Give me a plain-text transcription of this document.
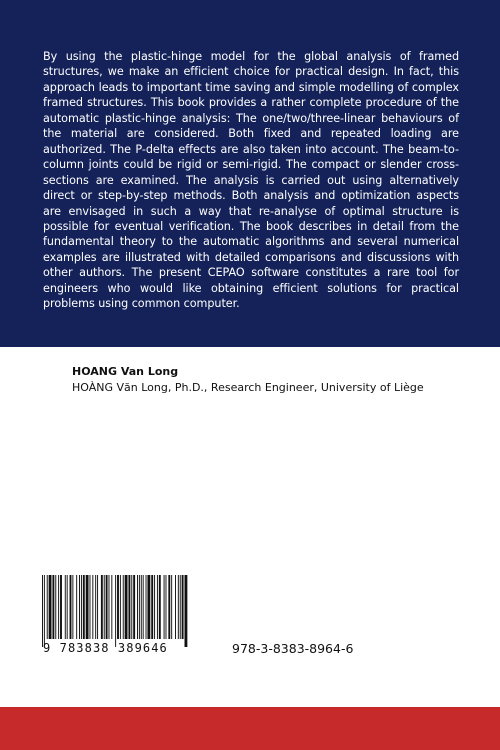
By using the plastic-hinge model for the global analysis of framed structures, we make an efficient choice for practical design. In fact, this approach leads to important time saving and simple modelling of complex framed structures. This book provides a rather complete procedure of the automatic plastic-hinge analysis: The one/two/three-linear behaviours of the material are considered. Both fixed and repeated loading are authorized. The P-delta effects are also taken into account. The beam-to-column joints could be rigid or semi-rigid. The compact or slender cross-sections are examined. The analysis is carried out using alternatively direct or step-by-step methods. Both analysis and optimization aspects are envisaged in such a way that re-analyse of optimal structure is possible for eventual verification. The book describes in detail from the fundamental theory to the automatic algorithms and several numerical examples are illustrated with detailed comparisons and discussions with other authors. The present CEPAO software constitutes a rare tool for engineers who would like obtaining efficient solutions for practical problems using common computer.

HOANG Van Long

HOÀNG Văn Long, Ph.D., Research Engineer, University of Liège

9 783838 389646	978-3-8383-8964-6
